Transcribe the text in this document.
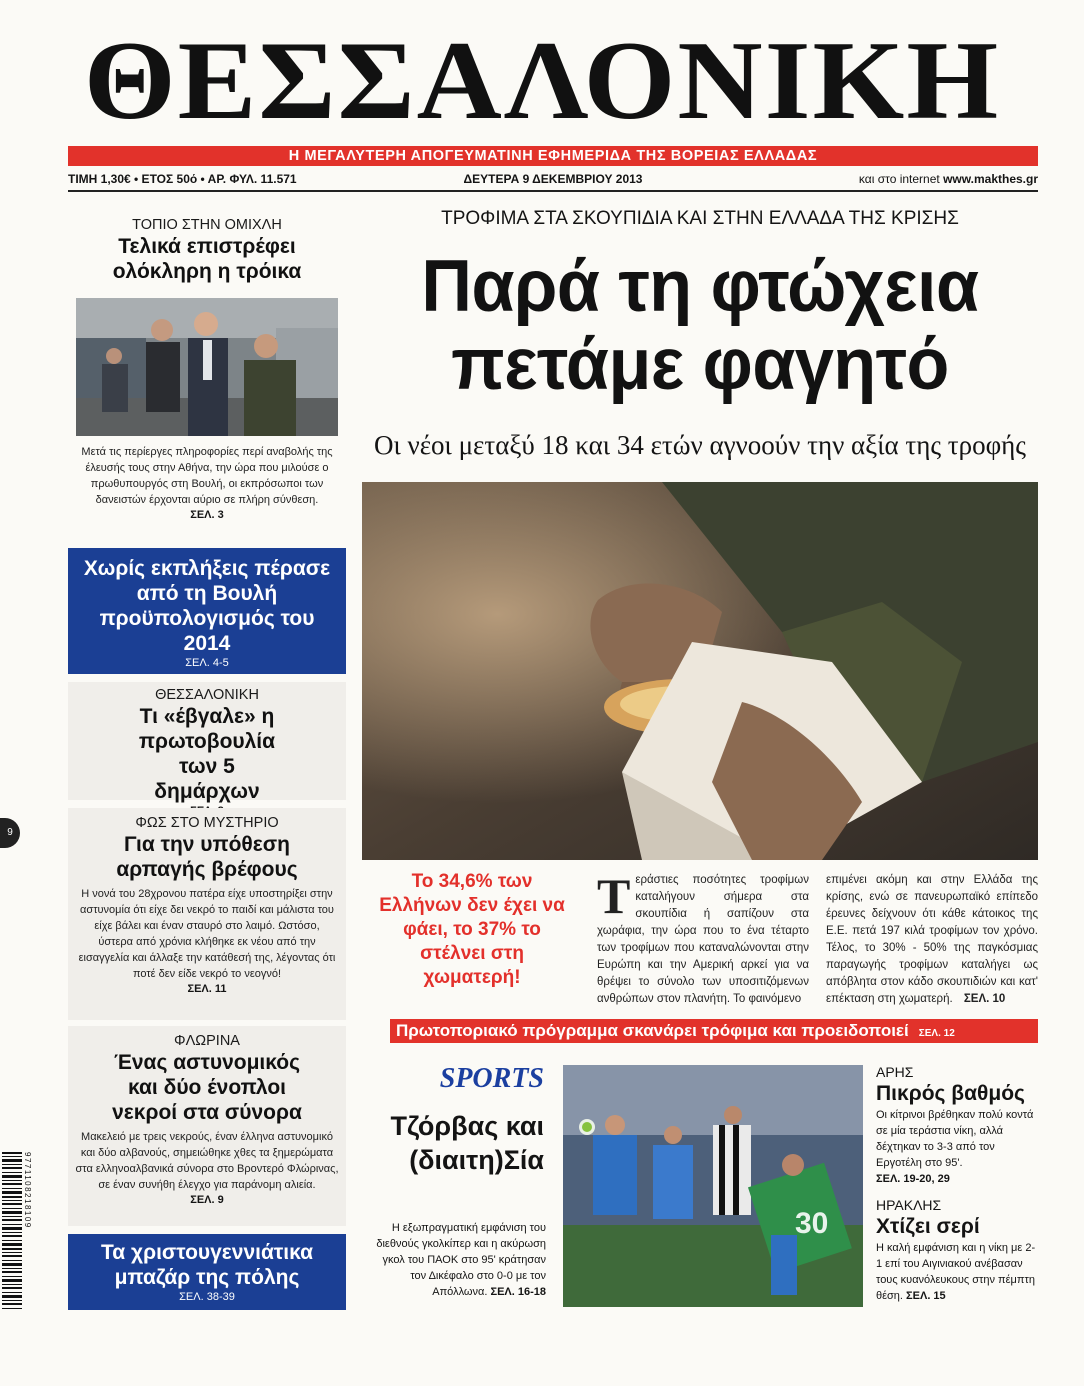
ΘΕΣΣΑΛΟΝΙΚΗ
Η ΜΕΓΑΛΥΤΕΡΗ ΑΠΟΓΕΥΜΑΤΙΝΗ ΕΦΗΜΕΡΙΔΑ ΤΗΣ ΒΟΡΕΙΑΣ ΕΛΛΑΔΑΣ
ΤΙΜΗ 1,30€ • ΕΤΟΣ 50ό • ΑΡ. ΦΥΛ. 11.571	ΔΕΥΤΕΡΑ 9 ΔΕΚΕΜΒΡΙΟΥ 2013	και στο internet www.makthes.gr
ΤΟΠΙΟ ΣΤΗΝ ΟΜΙΧΛΗ
Τελικά επιστρέφει ολόκληρη η τρόικα
Μετά τις περίεργες πληροφορίες περί αναβολής της έλευσής τους στην Αθήνα, την ώρα που μιλούσε ο πρωθυπουργός στη Βουλή, οι εκπρόσωποι των δανειστών έρχονται αύριο σε πλήρη σύνθεση.
ΣΕΛ. 3
Χωρίς εκπλήξεις πέρασε από τη Βουλή προϋπολογισμός του 2014
ΣΕΛ. 4-5
ΘΕΣΣΑΛΟΝΙΚΗ
Τι «έβγαλε» η πρωτοβουλία των 5 δημάρχων
ΦΩΣ ΣΤΟ ΜΥΣΤΗΡΙΟ
Για την υπόθεση αρπαγής βρέφους
Η νονά του 28χρονου πατέρα είχε υποστηρίξει στην αστυνομία ότι είχε δει νεκρό το παιδί και μάλιστα του είχε βάλει και έναν σταυρό στο λαιμό. Ωστόσο, ύστερα από χρόνια κλήθηκε εκ νέου από την εισαγγελία και άλλαξε την κατάθεσή της, λέγοντας ότι ποτέ δεν είδε νεκρό το νεογνό!
ΣΕΛ. 11
ΦΛΩΡΙΝΑ
Ένας αστυνομικός και δύο ένοπλοι νεκροί στα σύνορα
Μακελειό με τρεις νεκρούς, έναν έλληνα αστυνομικό και δύο αλβανούς, σημειώθηκε χθες τα ξημερώματα στα ελληνοαλβανικά σύνορα στο Βροντερό Φλώρινας, σε έναν συνήθη έλεγχο για παράνομη αλιεία.
ΣΕΛ. 9
Τα χριστουγεννιάτικα μπαζάρ της πόλης
ΣΕΛ. 38-39
ΤΡΟΦΙΜΑ ΣΤΑ ΣΚΟΥΠΙΔΙΑ ΚΑΙ ΣΤΗΝ ΕΛΛΑΔΑ ΤΗΣ ΚΡΙΣΗΣ
Παρά τη φτώχεια
πετάμε φαγητό
Οι νέοι μεταξύ 18 και 34 ετών αγνοούν την αξία της τροφής
Το 34,6% των Ελλήνων δεν έχει να φάει, το 37% το στέλνει στη χωματερή!
Τεράστιες ποσότητες τροφίμων καταλήγουν σήμερα στα σκουπίδια ή σαπίζουν στα χωράφια, την ώρα που το ένα τέταρτο των τροφίμων που καταναλώνονται στην Ευρώπη και την Αμερική αρκεί για να θρέψει το σύνολο των υποσιτιζόμενων ανθρώπων στον πλανήτη. Το φαινόμενο
επιμένει ακόμη και στην Ελλάδα της κρίσης, ενώ σε πανευρωπαϊκό επίπεδο έρευνες δείχνουν ότι κάθε κάτοικος της Ε.Ε. πετά 197 κιλά τροφίμων τον χρόνο. Τέλος, το 30% - 50% της παγκόσμιας παραγωγής τροφίμων καταλήγει ως απόβλητα στον κάδο σκουπιδιών και κατ' επέκταση στη χωματερή. ΣΕΛ. 10
Πρωτοποριακό πρόγραμμα σκανάρει τρόφιμα και προειδοποιεί ΣΕΛ. 12
SPORTS
Τζόρβας και (διαιτη)Σία
Η εξωπραγματική εμφάνιση του διεθνούς γκολκίπερ και η ακύρωση γκολ του ΠΑΟΚ στο 95' κράτησαν τον Δικέφαλο στο 0-0 με τον Απόλλωνα. ΣΕΛ. 16-18
30
ΑΡΗΣ
Πικρός βαθμός
Οι κίτρινοι βρέθηκαν πολύ κοντά σε μία τεράστια νίκη, αλλά δέχτηκαν το 3-3 από τον Εργοτέλη στο 95'.
ΣΕΛ. 19-20, 29
ΗΡΑΚΛΗΣ
Χτίζει σερί
Η καλή εμφάνιση και η νίκη με 2-1 επί του Αιγινιακού ανέβασαν τους κυανόλευκους στην πέμπτη θέση. ΣΕΛ. 15
9
9771108218109
